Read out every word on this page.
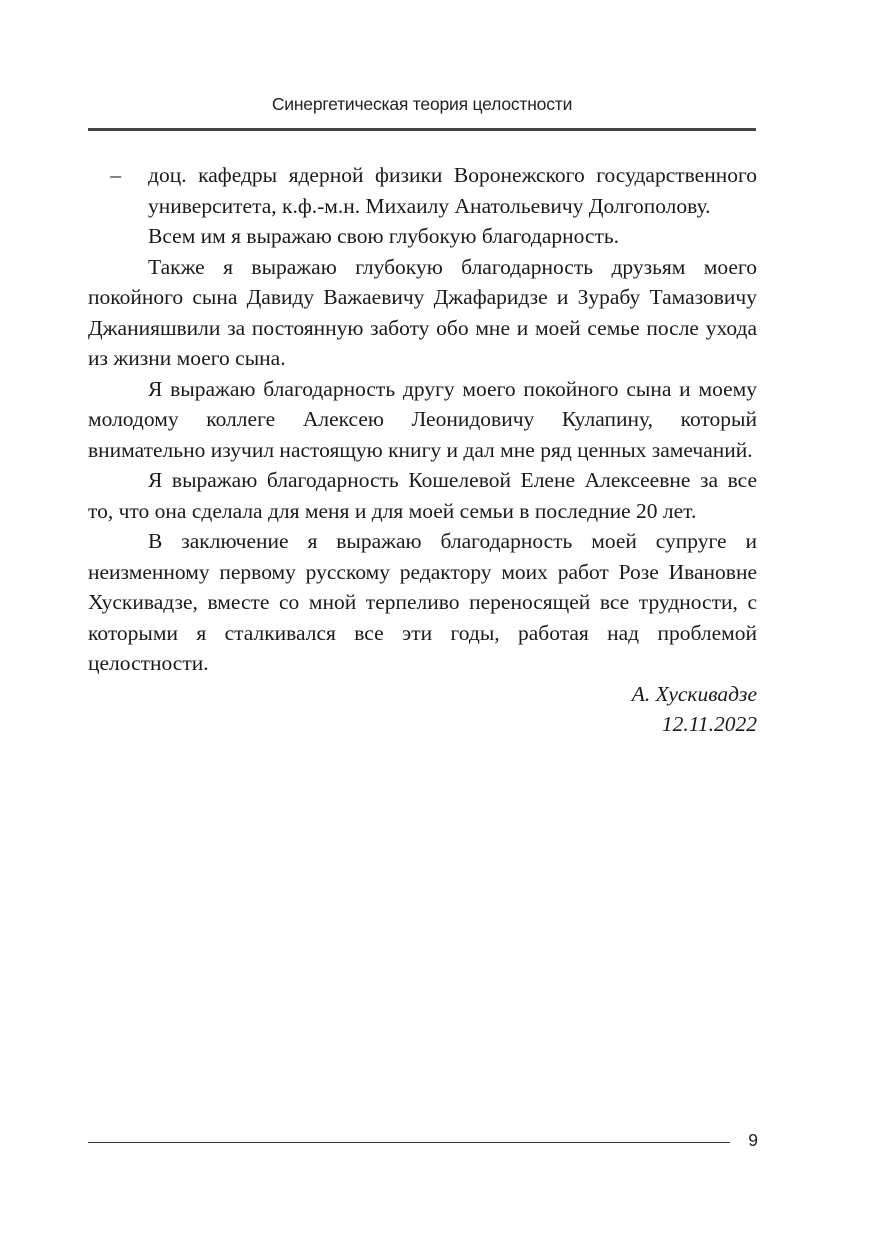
Синергетическая теория целостности
–	доц. кафедры ядерной физики Воронежского государственного университета, к.ф.-м.н. Михаилу Анатольевичу Долгополову.

Всем им я выражаю свою глубокую благодарность.

Также я выражаю глубокую благодарность друзьям моего покойного сына Давиду Важаевичу Джафаридзе и Зурабу Тамазовичу Джанияшвили за постоянную заботу обо мне и моей семье после ухода из жизни моего сына.

Я выражаю благодарность другу моего покойного сына и моему молодому коллеге Алексею Леонидовичу Кулапину, который внимательно изучил настоящую книгу и дал мне ряд ценных замечаний.

Я выражаю благодарность Кошелевой Елене Алексеевне за все то, что она сделала для меня и для моей семьи в последние 20 лет.

В заключение я выражаю благодарность моей супруге и неизменному первому русскому редактору моих работ Розе Ивановне Хускивадзе, вместе со мной терпеливо переносящей все трудности, с которыми я сталкивался все эти годы, работая над проблемой целостности.

А. Хускивадзе

12.11.2022

9
